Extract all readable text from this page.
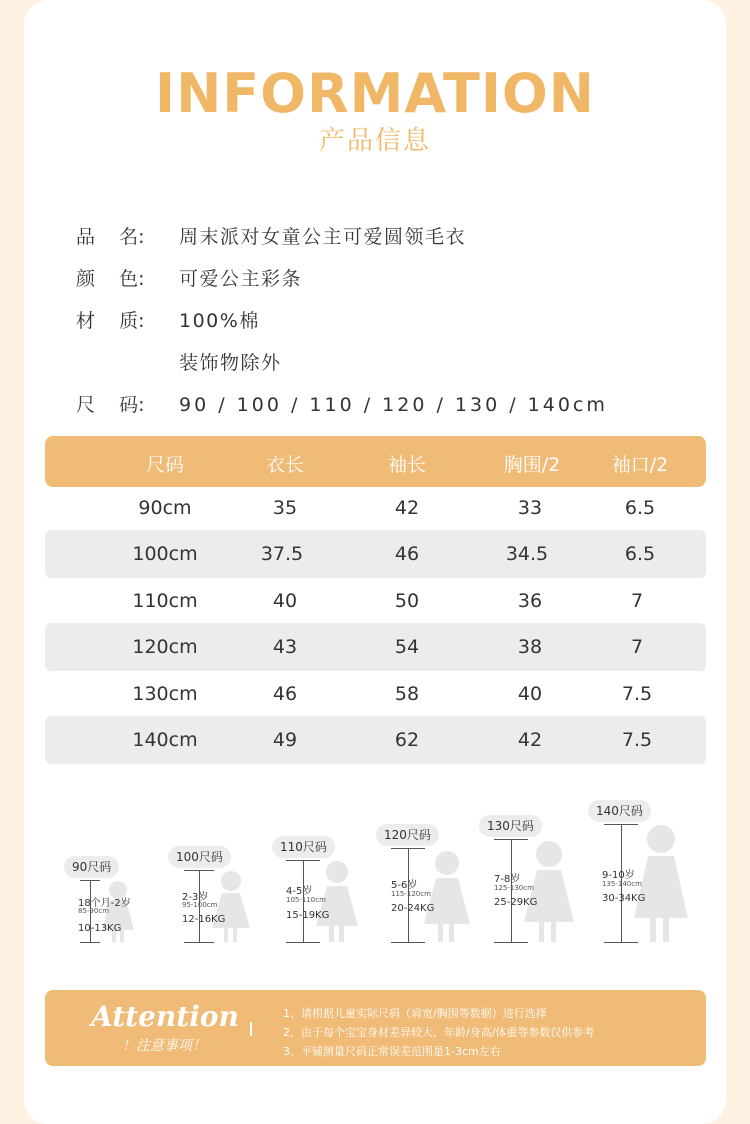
INFORMATION
产品信息
品    名: 周末派对女童公主可爱圆领毛衣
颜    色: 可爱公主彩条
材    质: 100%棉
装饰物除外
尺    码: 90 / 100 / 110 / 120 / 130 / 140cm
尺码	衣长	袖长	胸围/2	袖口/2
90cm	35	42	33	6.5
100cm	37.5	46	34.5	6.5
110cm	40	50	36	7
120cm	43	54	38	7
130cm	46	58	40	7.5
140cm	49	62	42	7.5
90尺码
18个月-2岁
85-90cm
10-13KG
100尺码
2-3岁
95-100cm
12-16KG
110尺码
4-5岁
105-110cm
15-19KG
120尺码
5-6岁
115-120cm
20-24KG
130尺码
7-8岁
125-130cm
25-29KG
140尺码
9-10岁
135-140cm
30-34KG
Attention
！注意事项！
1、请根据儿童实际尺码（肩宽/胸围等数据）进行选择
2、由于每个宝宝身材差异较大，年龄/身高/体重等参数仅供参考
3、平铺测量尺码正常误差范围是1-3cm左右
